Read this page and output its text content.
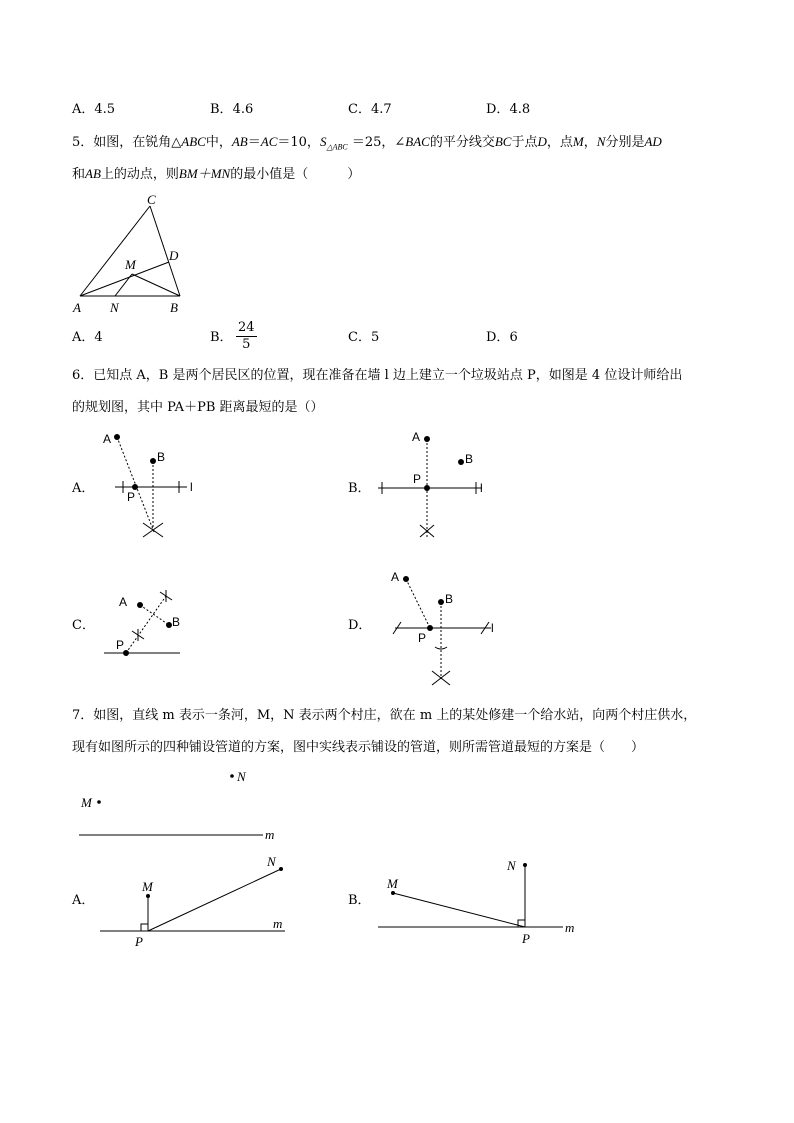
A．4.5	B．4.6	C．4.7	D．4.8
5．如图，在锐角△ABC中，AB＝AC＝10，$S_{\triangle ABC} =25$，∠BAC的平分线交BC于点D，点M，N分别是AD
和AB上的动点，则BM＋MN的最小值是（　　　）
C
D
M
A N	B
A．4	B． $\frac{24}{5}$	C．5	D．6
6．已知点 A，B 是两个居民区的位置，现在准备在墙 l 边上建立一个垃圾站点 P，如图是 4 位设计师给出
的规划图，其中 PA＋PB 距离最短的是（）
A．
A
B
P
l	B．
A
B
P
l
C．
A
B
P
D．
A
B
P
l
7．如图，直线 m 表示一条河，M，N 表示两个村庄，欲在 m 上的某处修建一个给水站，向两个村庄供水，
现有如图所示的四种铺设管道的方案，图中实线表示铺设的管道，则所需管道最短的方案是（　　）
N
M
m
A．
M
N
m
P
B．
N
M
m
P
